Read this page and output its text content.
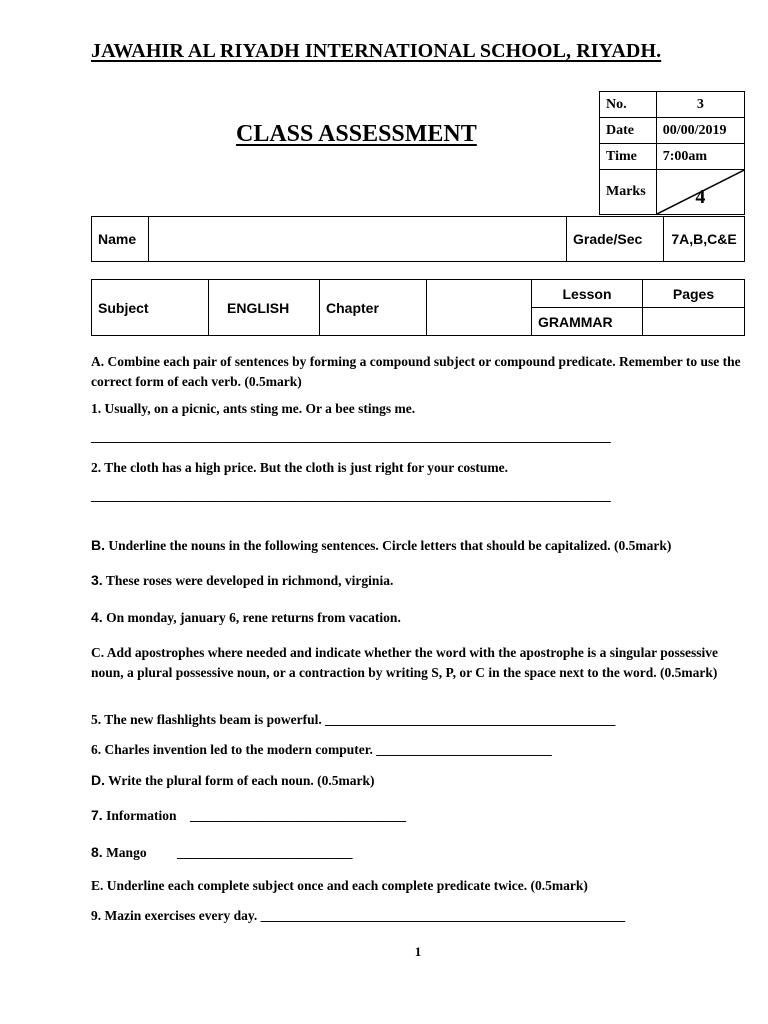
JAWAHIR AL RIYADH INTERNATIONAL SCHOOL, RIYADH.
CLASS ASSESSMENT
No.	3
Date	00/00/2019
Time	7:00am
Marks	4
Name		Grade/Sec	7A,B,C&E
Subject	ENGLISH	Chapter		Lesson	Pages
				GRAMMAR	
A. Combine each pair of sentences by forming a compound subject or compound predicate. Remember to use the correct form of each verb. (0.5mark)
1. Usually, on a picnic, ants sting me. Or a bee stings me.
_____________________________________________________________________________
2. The cloth has a high price. But the cloth is just right for your costume.
_____________________________________________________________________________
B. Underline the nouns in the following sentences. Circle letters that should be capitalized. (0.5mark)
3. These roses were developed in richmond, virginia.
4. On monday, january 6, rene returns from vacation.
C. Add apostrophes where needed and indicate whether the word with the apostrophe is a singular possessive noun, a plural possessive noun, or a contraction by writing S, P, or C in the space next to the word. (0.5mark)
5. The new flashlights beam is powerful. ___________________________________________
6. Charles invention led to the modern computer. __________________________
D. Write the plural form of each noun. (0.5mark)
7. Information    ________________________________
8. Mango         __________________________
E. Underline each complete subject once and each complete predicate twice. (0.5mark)
9. Mazin exercises every day. ______________________________________________________
1
